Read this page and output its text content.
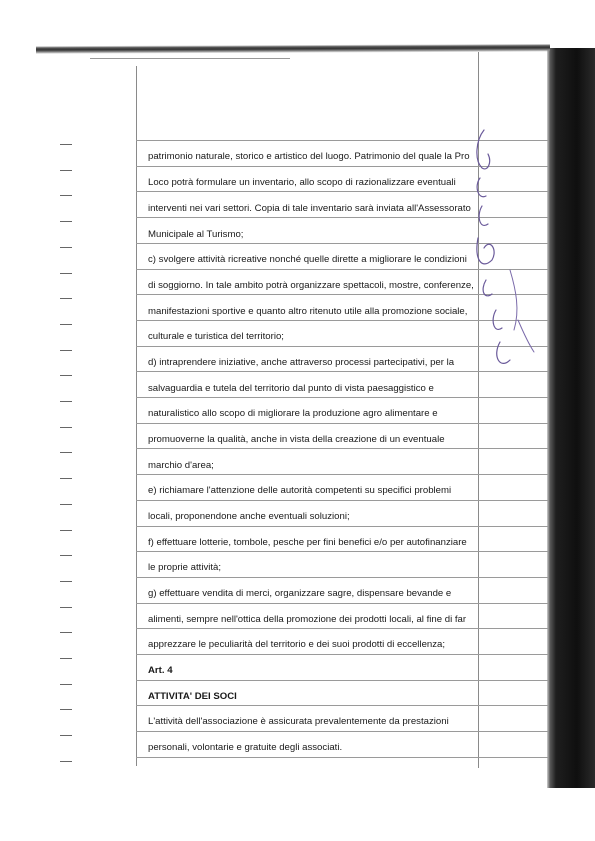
patrimonio naturale, storico e artistico del luogo. Patrimonio del quale la Pro
Loco potrà formulare un inventario, allo scopo di razionalizzare eventuali
interventi nei vari settori. Copia di tale inventario sarà inviata all'Assessorato
Municipale al Turismo;
c) svolgere attività ricreative nonché quelle dirette a migliorare le condizioni
di soggiorno. In tale ambito potrà organizzare spettacoli, mostre, conferenze,
manifestazioni sportive e quanto altro ritenuto utile alla promozione sociale,
culturale e turistica del territorio;
d) intraprendere iniziative, anche attraverso processi partecipativi, per la
salvaguardia e tutela del territorio dal punto di vista paesaggistico e
naturalistico allo scopo di migliorare la produzione agro alimentare e
promuoverne la qualità, anche in vista della creazione di un eventuale
marchio d'area;
e) richiamare l'attenzione delle autorità competenti su specifici problemi
locali, proponendone anche eventuali soluzioni;
f) effettuare lotterie, tombole, pesche per fini benefici e/o per autofinanziare
le proprie attività;
g) effettuare vendita di merci, organizzare sagre, dispensare bevande e
alimenti, sempre nell'ottica della promozione dei prodotti locali, al fine di far
apprezzare le peculiarità del territorio e dei suoi prodotti di eccellenza;
Art. 4
ATTIVITA' DEI SOCI
L'attività dell'associazione è assicurata prevalentemente da prestazioni
personali, volontarie e gratuite degli associati.
